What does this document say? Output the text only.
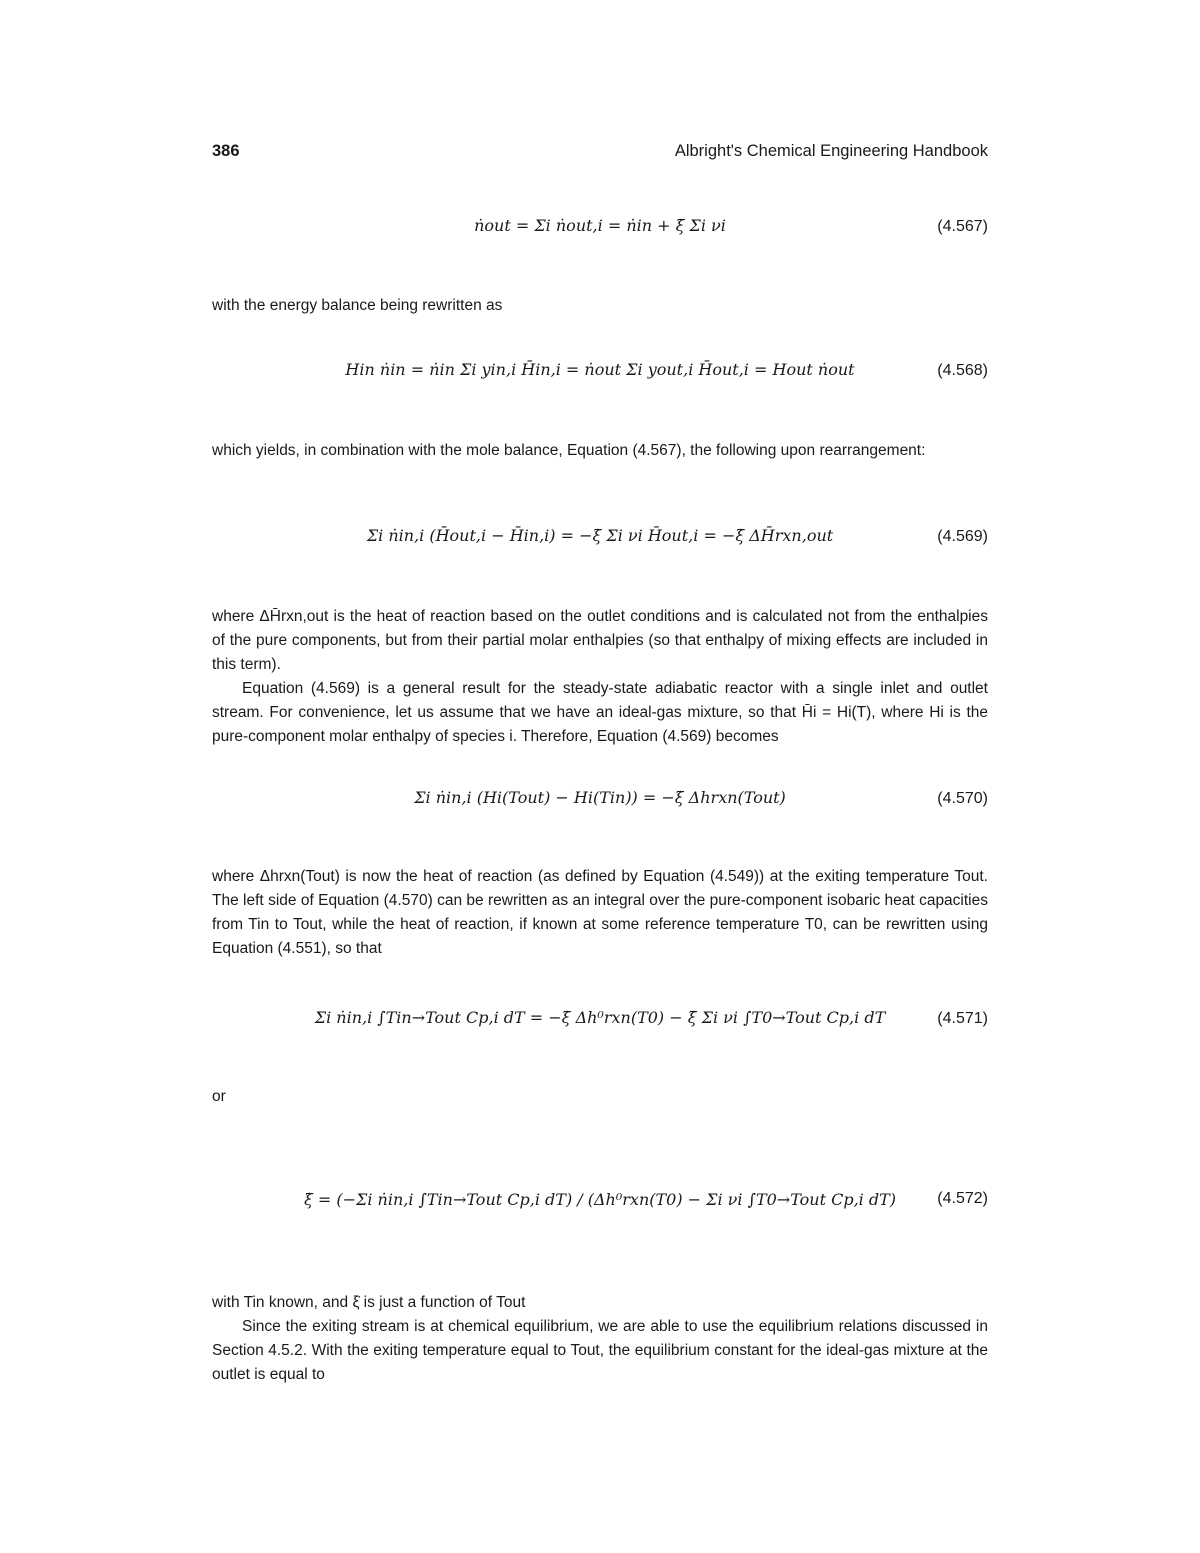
386	Albright's Chemical Engineering Handbook
ṅout = Σi ṅout,i = ṅin + ξ̇ Σi νi	(4.567)

with the energy balance being rewritten as

Hin ṅin = ṅin Σi yin,i H̄in,i = ṅout Σi yout,i H̄out,i = Hout ṅout	(4.568)

which yields, in combination with the mole balance, Equation (4.567), the following upon rearrangement:

Σi ṅin,i (H̄out,i − H̄in,i) = −ξ̇ Σi νi H̄out,i = −ξ̇ ΔH̄rxn,out	(4.569)

where ΔH̄rxn,out is the heat of reaction based on the outlet conditions and is calculated not from the enthalpies of the pure components, but from their partial molar enthalpies (so that enthalpy of mixing effects are included in this term).

Equation (4.569) is a general result for the steady-state adiabatic reactor with a single inlet and outlet stream. For convenience, let us assume that we have an ideal-gas mixture, so that H̄i = Hi(T), where Hi is the pure-component molar enthalpy of species i. Therefore, Equation (4.569) becomes

Σi ṅin,i (Hi(Tout) − Hi(Tin)) = −ξ̇ Δhrxn(Tout)	(4.570)

where Δhrxn(Tout) is now the heat of reaction (as defined by Equation (4.549)) at the exiting temperature Tout. The left side of Equation (4.570) can be rewritten as an integral over the pure-component isobaric heat capacities from Tin to Tout, while the heat of reaction, if known at some reference temperature T0, can be rewritten using Equation (4.551), so that

Σi ṅin,i ∫Tin→Tout Cp,i dT = −ξ̇ Δh⁰rxn(T0) − ξ̇ Σi νi ∫T0→Tout Cp,i dT	(4.571)

or

ξ̇ = (−Σi ṅin,i ∫Tin→Tout Cp,i dT) / (Δh⁰rxn(T0) − Σi νi ∫T0→Tout Cp,i dT)	(4.572)

with Tin known, and ξ̇ is just a function of Tout

Since the exiting stream is at chemical equilibrium, we are able to use the equilibrium relations discussed in Section 4.5.2. With the exiting temperature equal to Tout, the equilibrium constant for the ideal-gas mixture at the outlet is equal to
